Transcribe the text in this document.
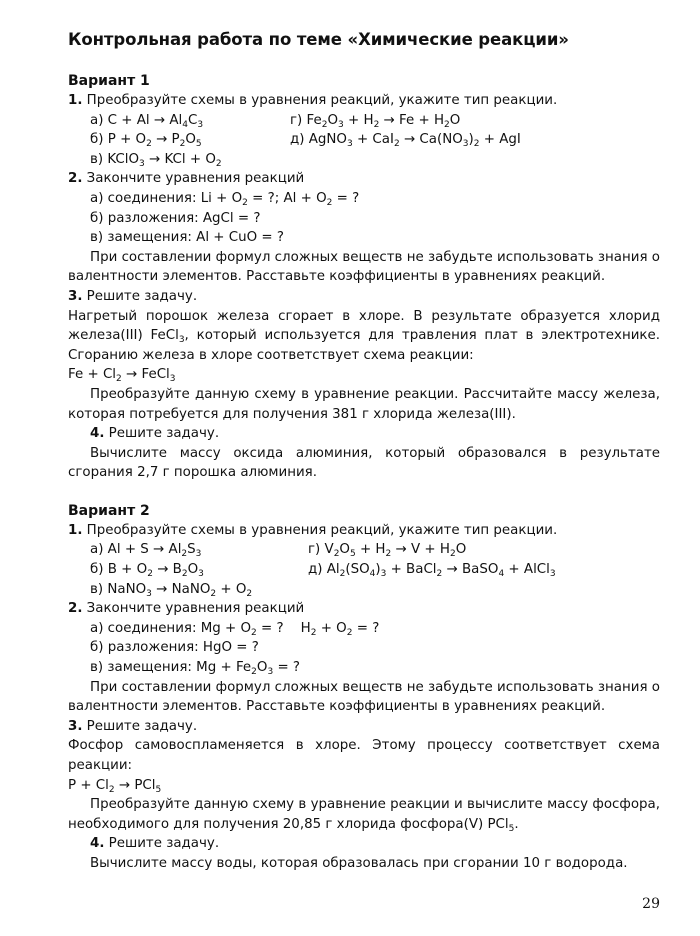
Контрольная работа по теме «Химические реакции»
Вариант 1
1. Преобразуйте схемы в уравнения реакций, укажите тип реакции.
а) $C + Al \to Al_4C_3$	г) $Fe_2O_3 + H_2 \to Fe + H_2O$
б) $P + O_2 \to P_2O_5$	д) AgNO$_3$ + $CaI_2 \to Ca(NO_3)_2$ + AgI
в) KClO$_3$ → KCl + $O_2$
2. Закончите уравнения реакций
а) соединения: $Li + O_2$ = ?; $Al + O_2$ = ?
б) разложения: AgCl = ?
в) замещения: Al + CuO = ?
При составлении формул сложных веществ не забудьте использовать знания о валентности элементов. Расставьте коэффициенты в уравнениях реакций.
3. Решите задачу.
Нагретый порошок железа сгорает в хлоре. В результате образуется хлорид железа(III) FeCl$_3$, который используется для травления плат в электротехнике. Сгоранию железа в хлоре соответствует схема реакции:
$Fe + Cl_2$ → FeCl$_3$
Преобразуйте данную схему в уравнение реакции. Рассчитайте массу железа, которая потребуется для получения 381 г хлорида железа(III).
4. Решите задачу.
Вычислите массу оксида алюминия, который образовался в результате сгорания 2,7 г порошка алюминия.
Вариант 2
1. Преобразуйте схемы в уравнения реакций, укажите тип реакции.
а) $Al + S \to Al_2S_3$	г) $V_2O_5 + H_2 \to V + H_2O$
б) $B + O_2 \to B_2O_3$	д) $Al_2(SO_4)_3$ + BaCl$_2$ → BaSO$_4$ + AlCl$_3$
в) NaNO$_3$ → NaNO$_2$ + $O_2$
2. Закончите уравнения реакций
а) соединения: $Mg + O_2$ = ?    $H_2 + O_2$ = ?
б) разложения: HgO = ?
в) замещения: $Mg + Fe_2O_3$ = ?
При составлении формул сложных веществ не забудьте использовать знания о валентности элементов. Расставьте коэффициенты в уравнениях реакций.
3. Решите задачу.
Фосфор самовоспламеняется в хлоре. Этому процессу соответствует схема реакции:
$P + Cl_2 \to PCl_5$
Преобразуйте данную схему в уравнение реакции и вычислите массу фосфора, необходимого для получения 20,85 г хлорида фосфора(V) PCl$_5$.
4. Решите задачу.
Вычислите массу воды, которая образовалась при сгорании 10 г водорода.
29
